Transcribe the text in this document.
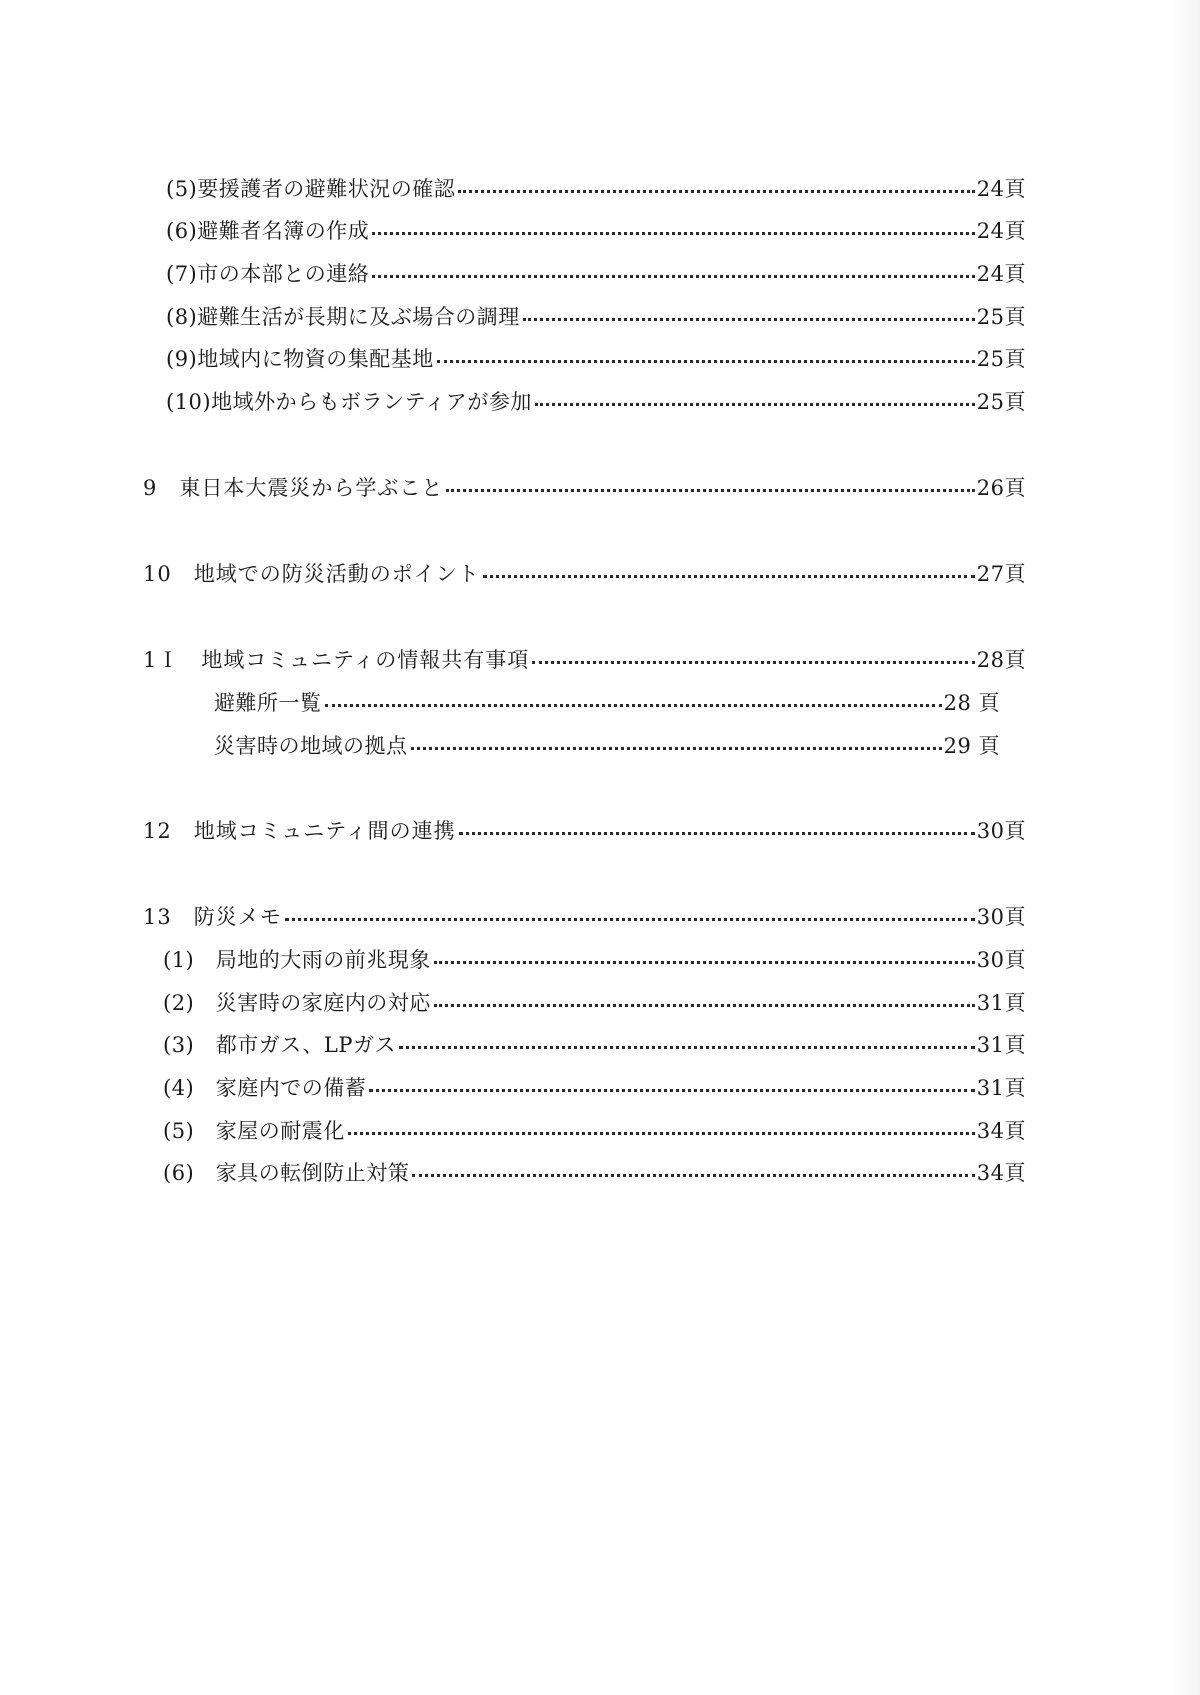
(5)要援護者の避難状況の確認	24頁
(6)避難者名簿の作成	24頁
(7)市の本部との連絡	24頁
(8)避難生活が長期に及ぶ場合の調理	25頁
(9)地域内に物資の集配基地	25頁
(10)地域外からもボランティアが参加	25頁
9　東日本大震災から学ぶこと	26頁
10　地域での防災活動のポイント	27頁
1Ｉ　地域コミュニティの情報共有事項	28頁
避難所一覧	28 頁
災害時の地域の拠点	29 頁
12　地域コミュニティ間の連携	30頁
13　防災メモ	30頁
(1)　局地的大雨の前兆現象	30頁
(2)　災害時の家庭内の対応	31頁
(3)　都市ガス、LPガス	31頁
(4)　家庭内での備蓄	31頁
(5)　家屋の耐震化	34頁
(6)　家具の転倒防止対策	34頁
